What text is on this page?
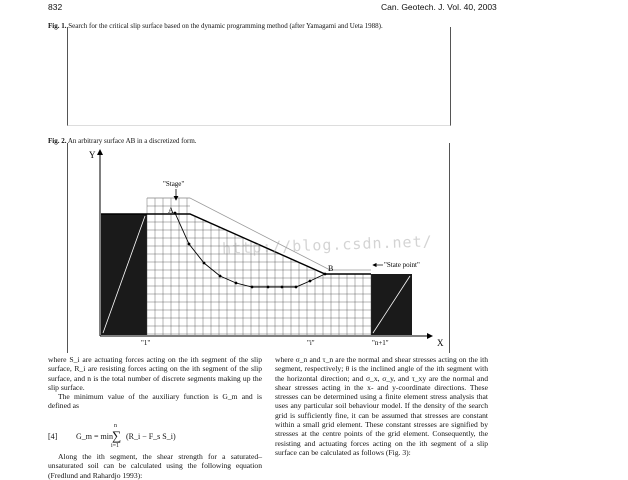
832	Can. Geotech. J. Vol. 40, 2003
Fig. 1. Search for the critical slip surface based on the dynamic programming method (after Yamagami and Ueta 1988).
Fig. 2. An arbitrary surface AB in a discretized form.
"Stage"
A
B	"State point"
Y
X
"1"	"i"	"n+1"
http://blog.csdn.net/

where S_i are actuating forces acting on the ith segment of the slip surface, R_i are resisting forces acting on the ith segment of the slip surface, and n is the total number of discrete segments making up the slip surface.

The minimum value of the auxiliary function is G_m and is defined as

[4] G_m = min
n
∑
i=1
(R_i − F_s S_i)

Along the ith segment, the shear strength for a saturated–unsaturated soil can be calculated using the following equation (Fredlund and Rahardjo 1993):

where σ_n and τ_n are the normal and shear stresses acting on the ith segment, respectively; θ is the inclined angle of the ith segment with the horizontal direction; and σ_x, σ_y, and τ_xy are the normal and shear stresses acting in the x- and y-coordinate directions. These stresses can be determined using a finite element stress analysis that uses any particular soil behaviour model. If the density of the search grid is sufficiently fine, it can be assumed that stresses are constant within a small grid element. These constant stresses are signified by stresses at the centre points of the grid element. Consequently, the resisting and actuating forces acting on the ith segment of a slip surface can be calculated as follows (Fig. 3):
